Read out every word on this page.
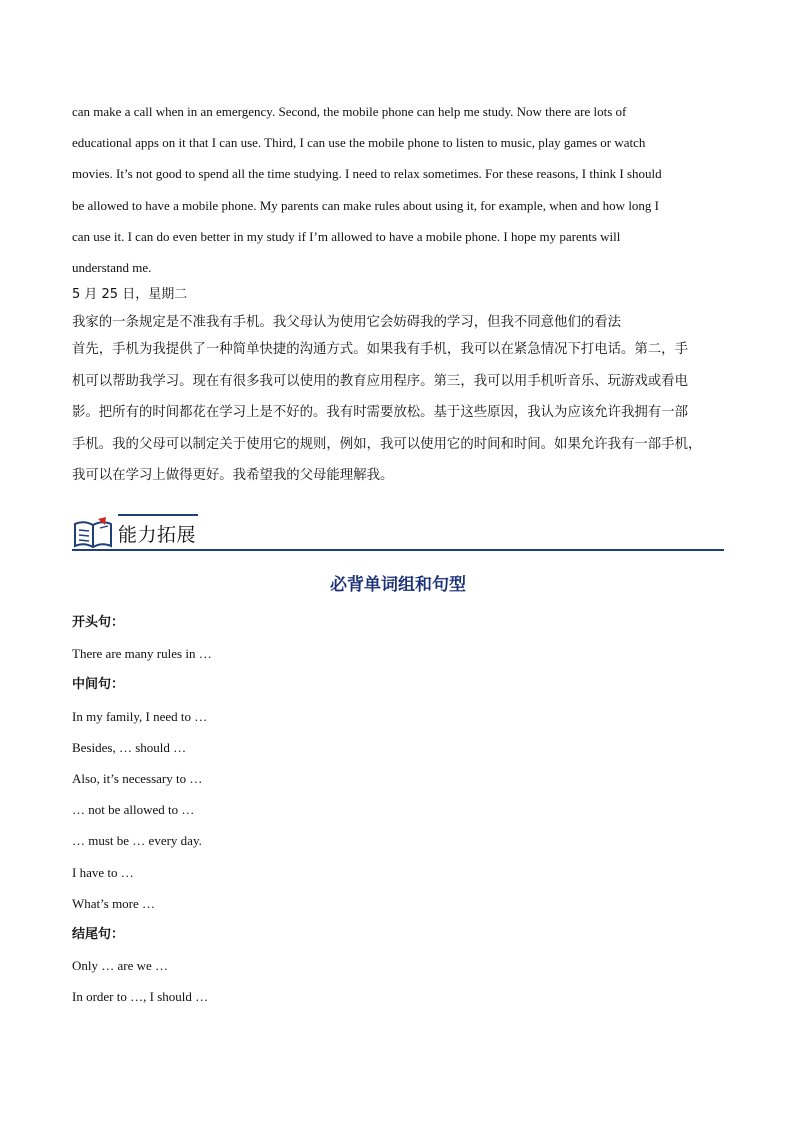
can make a call when in an emergency. Second, the mobile phone can help me study. Now there are lots of

educational apps on it that I can use. Third, I can use the mobile phone to listen to music, play games or watch

movies. It’s not good to spend all the time studying. I need to relax sometimes. For these reasons, I think I should

be allowed to have a mobile phone. My parents can make rules about using it, for example, when and how long I

can use it. I can do even better in my study if I’m allowed to have a mobile phone. I hope my parents will

understand me.

5 月 25 日，星期二

我家的一条规定是不准我有手机。我父母认为使用它会妨碍我的学习，但我不同意他们的看法

首先，手机为我提供了一种简单快捷的沟通方式。如果我有手机，我可以在紧急情况下打电话。第二，手

机可以帮助我学习。现在有很多我可以使用的教育应用程序。第三，我可以用手机听音乐、玩游戏或看电

影。把所有的时间都花在学习上是不好的。我有时需要放松。基于这些原因，我认为应该允许我拥有一部

手机。我的父母可以制定关于使用它的规则，例如，我可以使用它的时间和时间。如果允许我有一部手机，

我可以在学习上做得更好。我希望我的父母能理解我。

能力拓展
必背单词组和句型
开头句：
There are many rules in …
中间句：
In my family, I need to …
Besides, … should …
Also, it’s necessary to …
… not be allowed to …
… must be … every day.
I have to …
What’s more …
结尾句：
Only … are we …
In order to …, I should …
